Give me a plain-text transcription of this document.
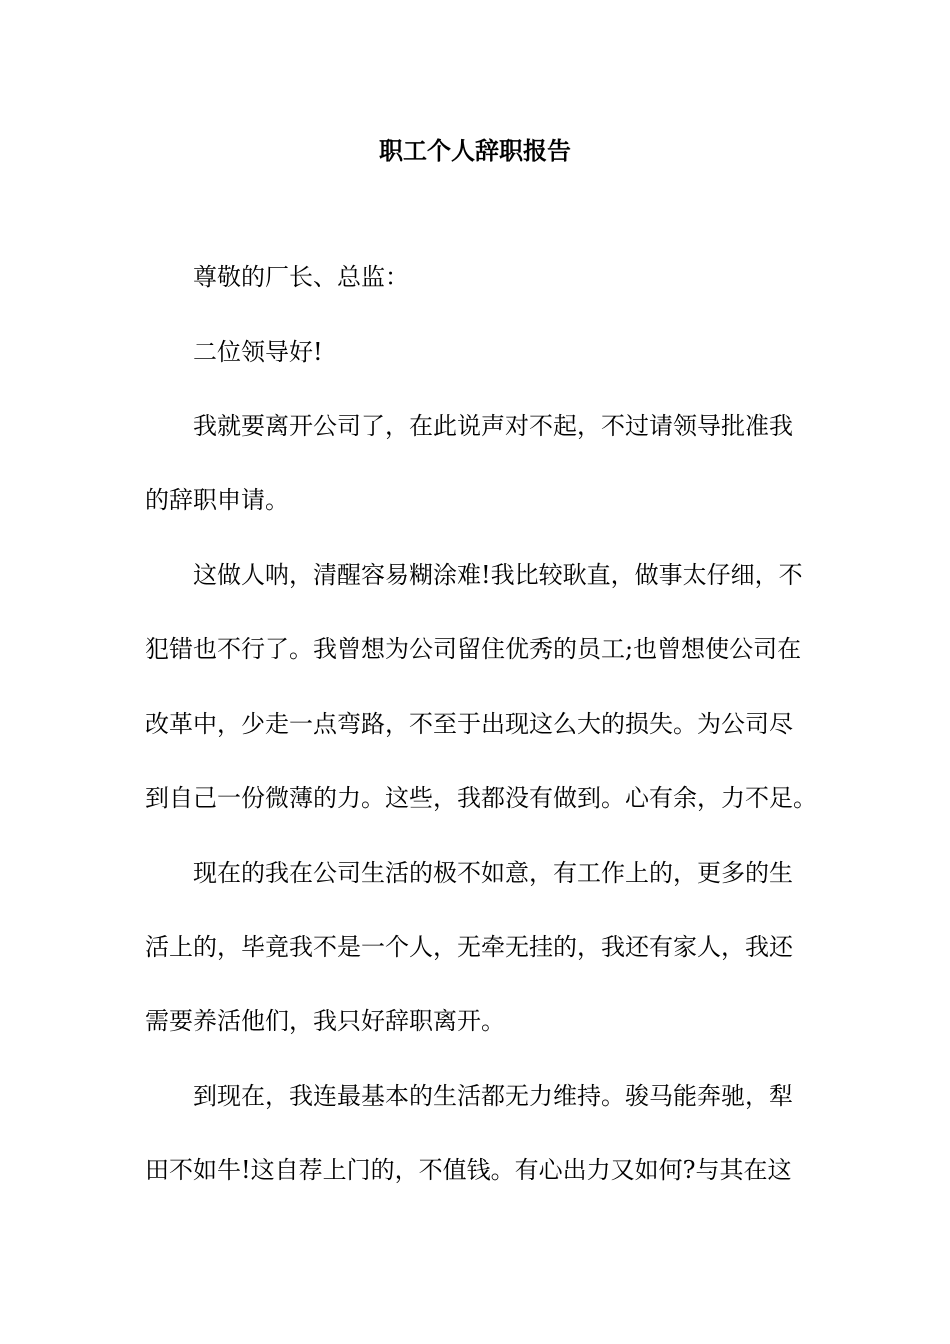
职工个人辞职报告
尊敬的厂长、总监：
二位领导好!
我就要离开公司了，在此说声对不起，不过请领导批准我
的辞职申请。
这做人呐，清醒容易糊涂难!我比较耿直，做事太仔细，不
犯错也不行了。我曾想为公司留住优秀的员工;也曾想使公司在
改革中，少走一点弯路，不至于出现这么大的损失。为公司尽
到自己一份微薄的力。这些，我都没有做到。心有余，力不足。
现在的我在公司生活的极不如意，有工作上的，更多的生
活上的，毕竟我不是一个人，无牵无挂的，我还有家人，我还
需要养活他们，我只好辞职离开。
到现在，我连最基本的生活都无力维持。骏马能奔驰，犁
田不如牛!这自荐上门的，不值钱。有心出力又如何?与其在这
